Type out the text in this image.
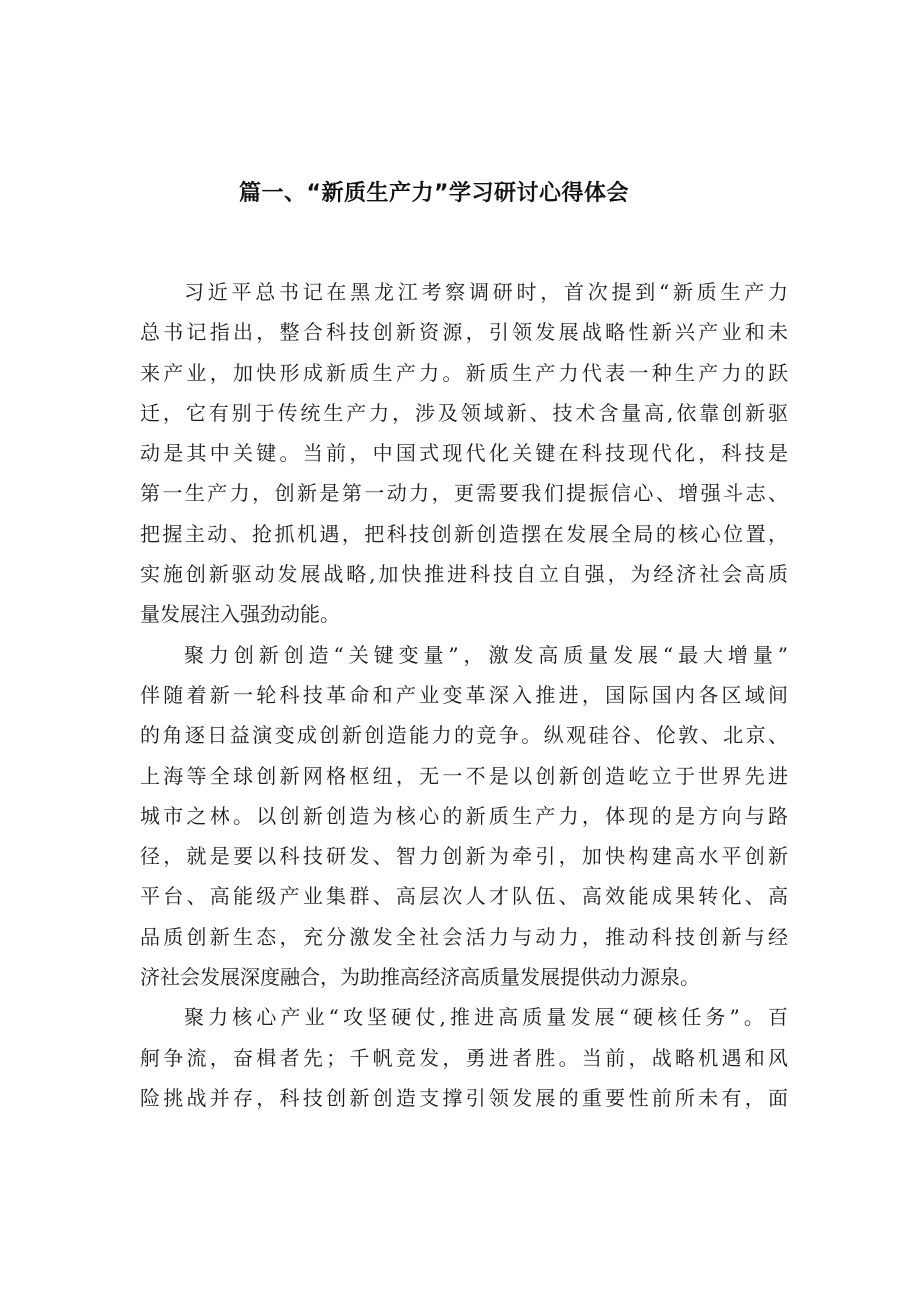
篇一、“新质生产力”学习研讨心得体会
习近平总书记在黑龙江考察调研时，首次提到“新质生产力
总书记指出，整合科技创新资源，引领发展战略性新兴产业和未
来产业，加快形成新质生产力。新质生产力代表一种生产力的跃
迁，它有别于传统生产力，涉及领域新、技术含量高,依靠创新驱
动是其中关键。当前，中国式现代化关键在科技现代化，科技是
第一生产力，创新是第一动力，更需要我们提振信心、增强斗志、
把握主动、抢抓机遇，把科技创新创造摆在发展全局的核心位置，
实施创新驱动发展战略,加快推进科技自立自强，为经济社会高质
量发展注入强劲动能。
聚力创新创造“关键变量”，激发高质量发展“最大增量”
伴随着新一轮科技革命和产业变革深入推进，国际国内各区域间
的角逐日益演变成创新创造能力的竞争。纵观硅谷、伦敦、北京、
上海等全球创新网格枢纽，无一不是以创新创造屹立于世界先进
城市之林。以创新创造为核心的新质生产力，体现的是方向与路
径，就是要以科技研发、智力创新为牵引，加快构建高水平创新
平台、高能级产业集群、高层次人才队伍、高效能成果转化、高
品质创新生态，充分激发全社会活力与动力，推动科技创新与经
济社会发展深度融合，为助推高经济高质量发展提供动力源泉。
聚力核心产业“攻坚硬仗,推进高质量发展“硬核任务”。百
舸争流，奋楫者先；千帆竞发，勇进者胜。当前，战略机遇和风
险挑战并存，科技创新创造支撑引领发展的重要性前所未有，面
